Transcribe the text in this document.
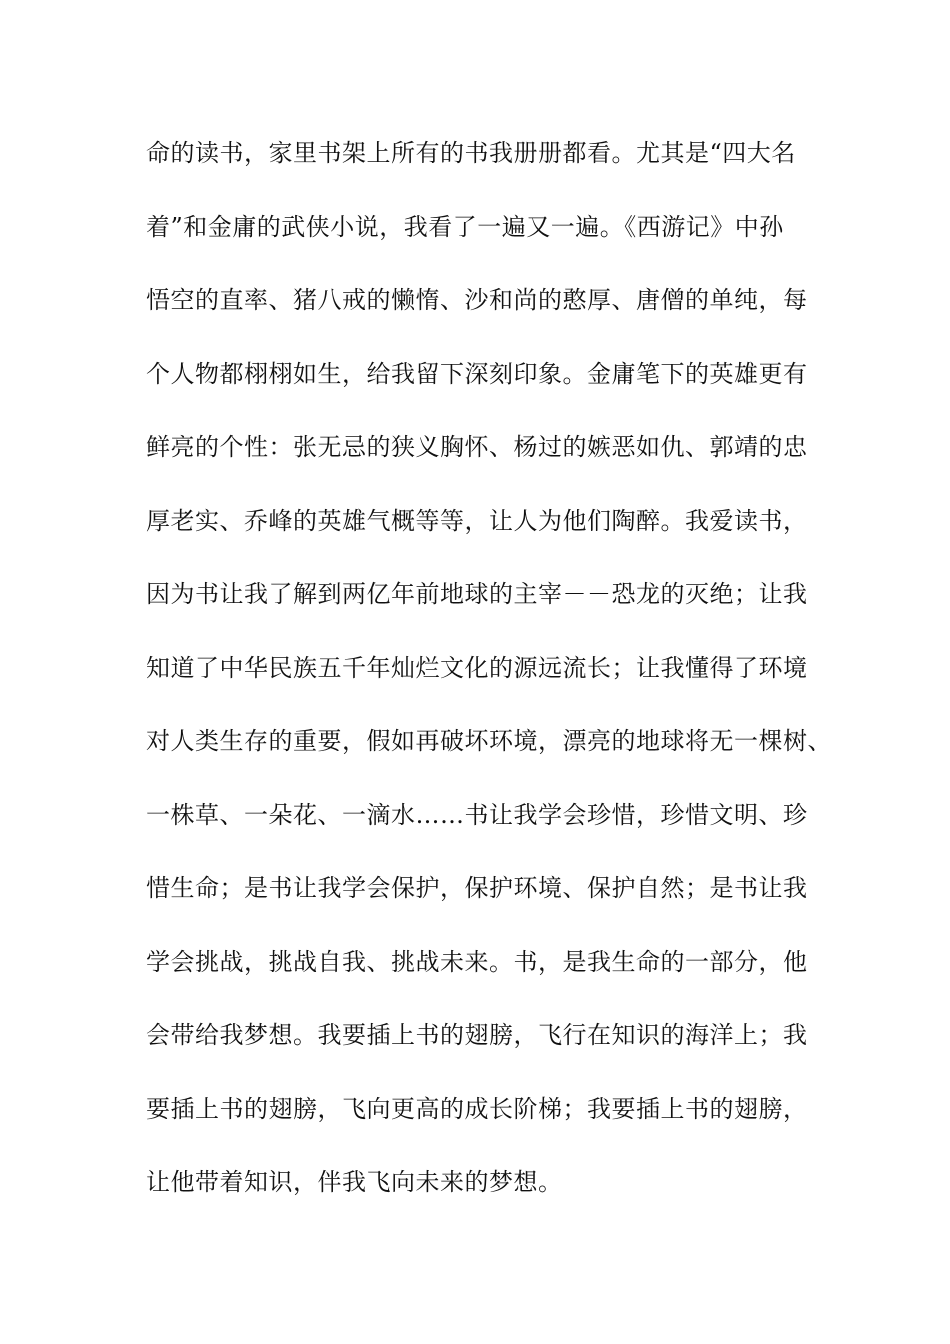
命的读书，家里书架上所有的书我册册都看。尤其是“四大名
着”和金庸的武侠小说，我看了一遍又一遍。《西游记》中孙
悟空的直率、猪八戒的懒惰、沙和尚的憨厚、唐僧的单纯，每
个人物都栩栩如生，给我留下深刻印象。金庸笔下的英雄更有
鲜亮的个性：张无忌的狭义胸怀、杨过的嫉恶如仇、郭靖的忠
厚老实、乔峰的英雄气概等等，让人为他们陶醉。我爱读书，
因为书让我了解到两亿年前地球的主宰－－恐龙的灭绝；让我
知道了中华民族五千年灿烂文化的源远流长；让我懂得了环境
对人类生存的重要，假如再破坏环境，漂亮的地球将无一棵树、
一株草、一朵花、一滴水……书让我学会珍惜，珍惜文明、珍
惜生命；是书让我学会保护，保护环境、保护自然；是书让我
学会挑战，挑战自我、挑战未来。书，是我生命的一部分，他
会带给我梦想。我要插上书的翅膀，飞行在知识的海洋上；我
要插上书的翅膀，飞向更高的成长阶梯；我要插上书的翅膀，
让他带着知识，伴我飞向未来的梦想。
